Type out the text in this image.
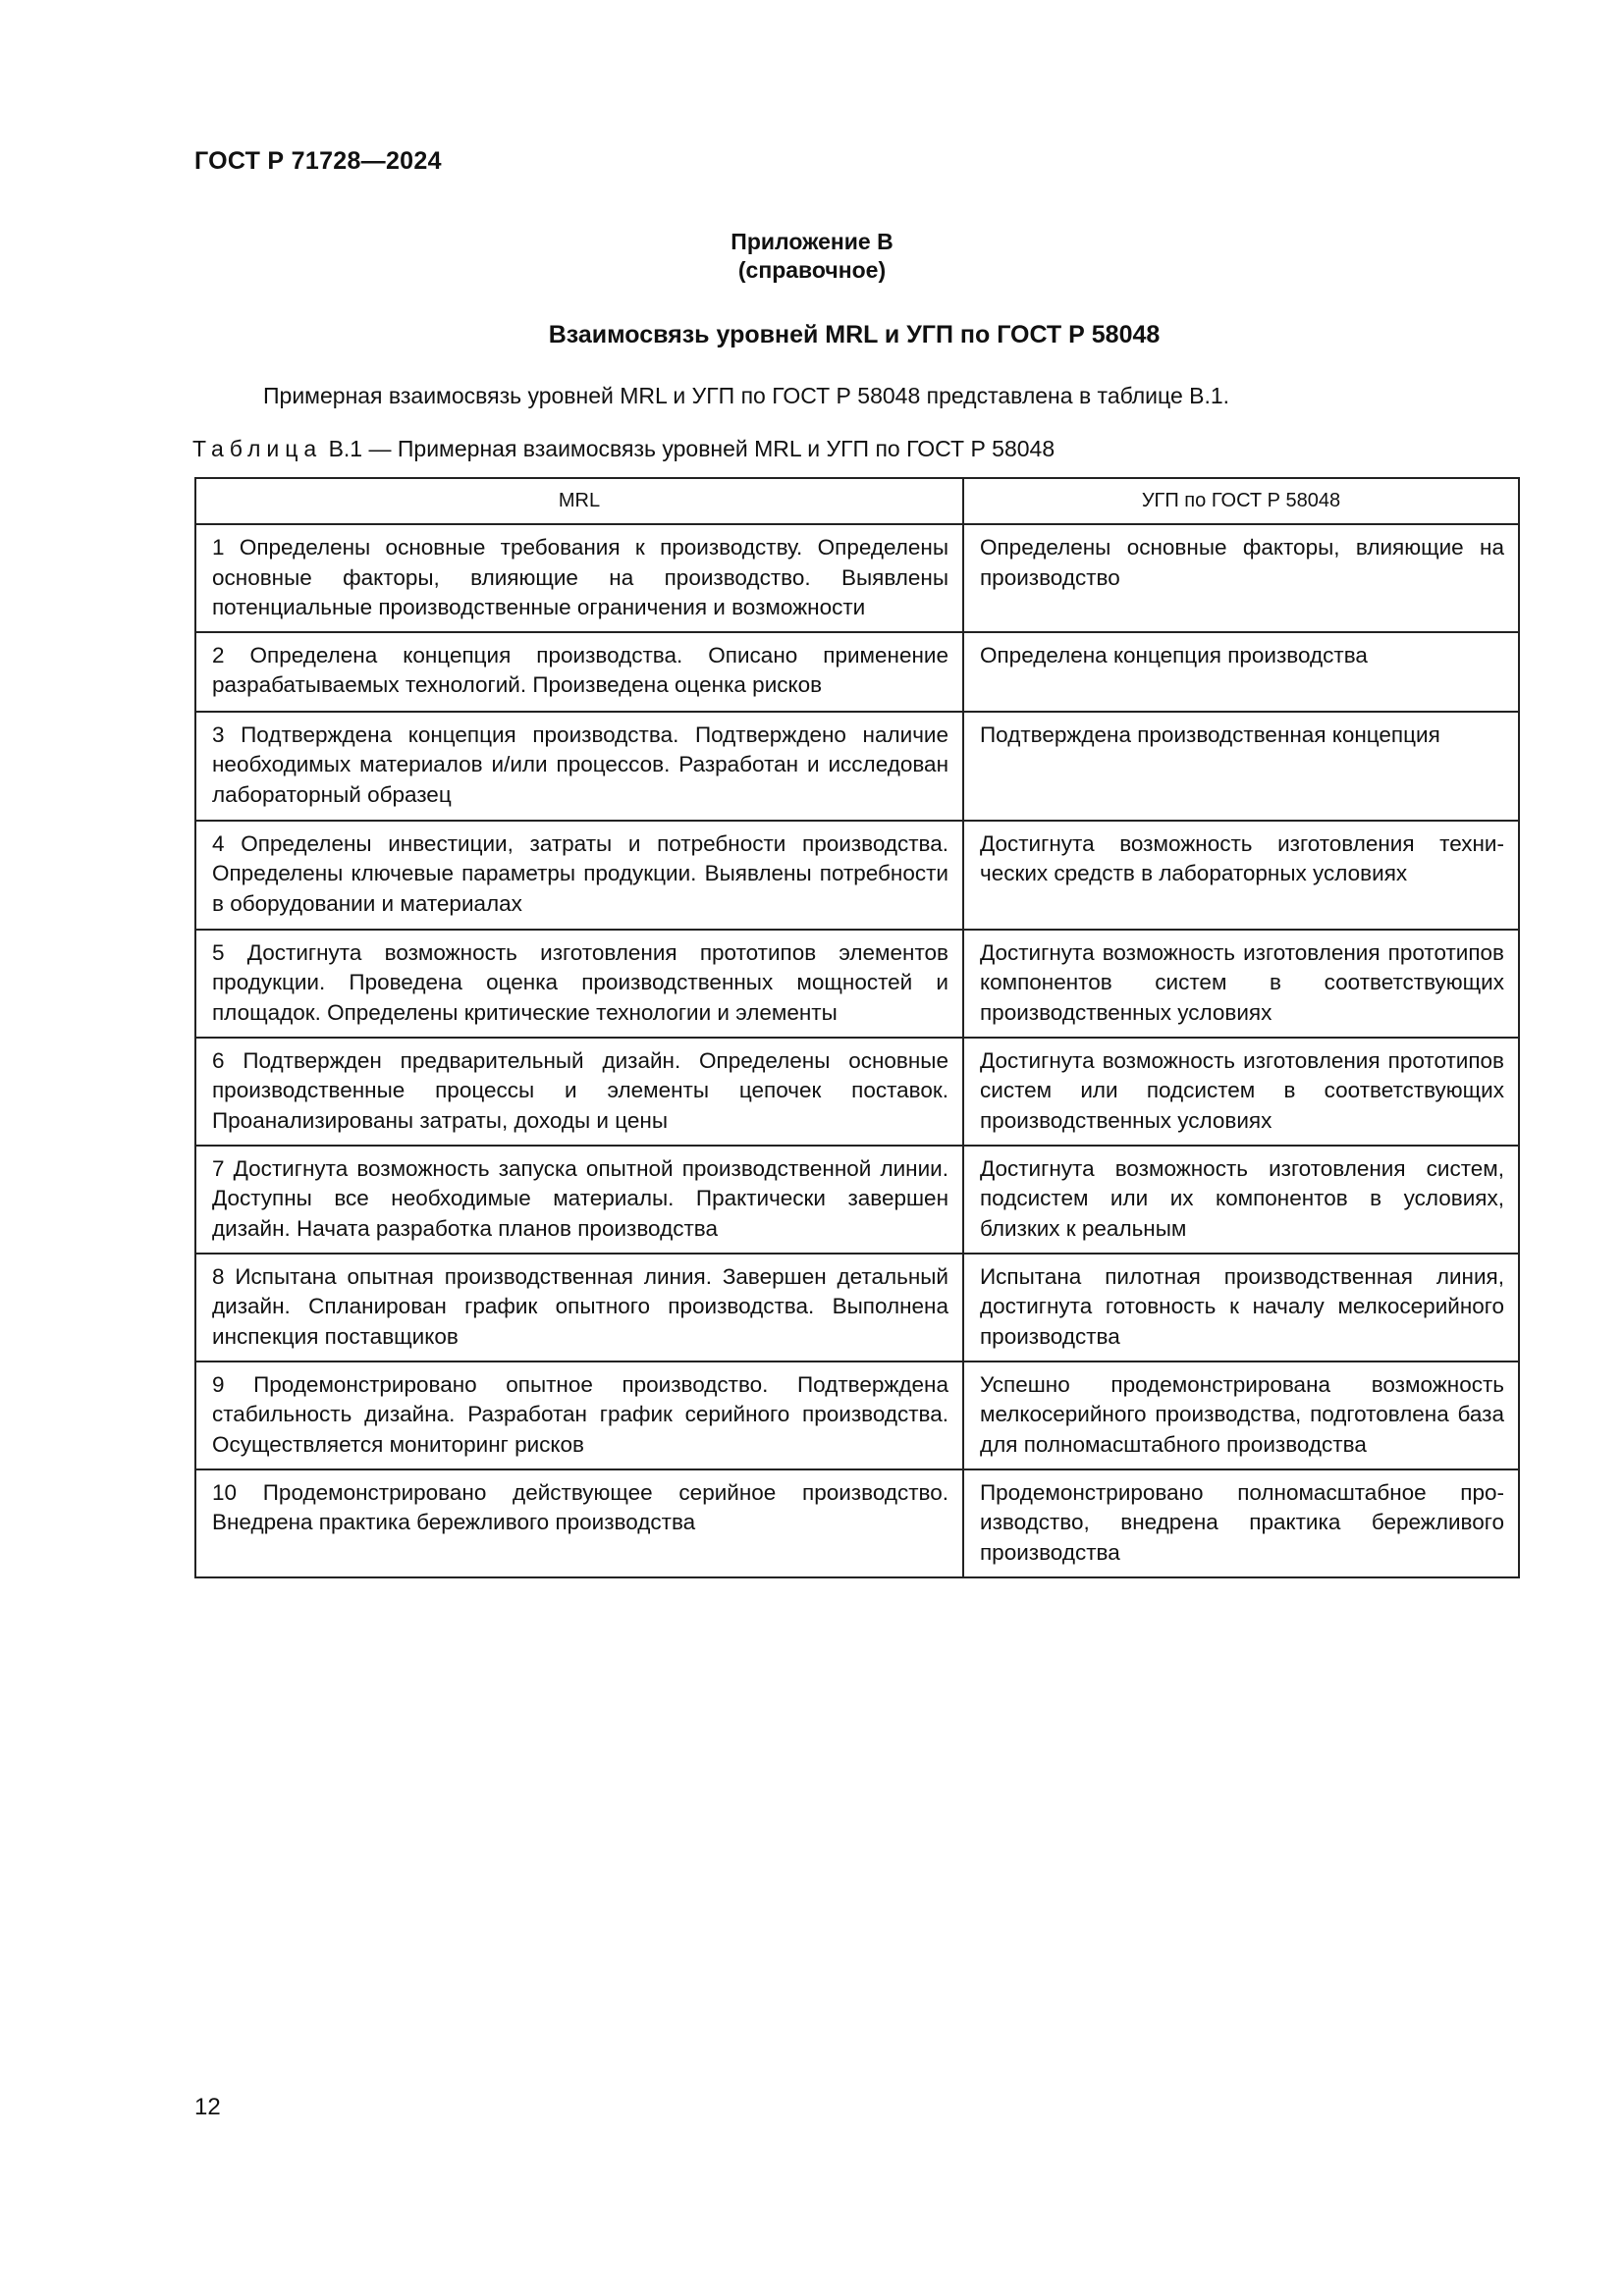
ГОСТ Р 71728—2024
Приложение В
(справочное)
Взаимосвязь уровней MRL и УГП по ГОСТ Р 58048
Примерная взаимосвязь уровней MRL и УГП по ГОСТ Р 58048 представлена в таблице В.1.
Таблица В.1 — Примерная взаимосвязь уровней MRL и УГП по ГОСТ Р 58048
MRL	УГП по ГОСТ Р 58048
1 Определены основные требования к производству. Определены основные факторы, влияющие на производство. Выявлены потенциальные производственные ограничения и возможности	Определены основные факторы, влияющие на производство
2 Определена концепция производства. Описано применение разрабатываемых технологий. Произведена оценка рисков	Определена концепция производства
3 Подтверждена концепция производства. Подтверждено наличие необходимых материалов и/или процессов. Разработан и исследован лабораторный образец	Подтверждена производственная концепция
4 Определены инвестиции, затраты и потребности производства. Определены ключевые параметры продукции. Выявлены потребности в оборудовании и материалах	Достигнута возможность изготовления технических средств в лабораторных условиях
5 Достигнута возможность изготовления прототипов элементов продукции. Проведена оценка производственных мощностей и площадок. Определены критические технологии и элементы	Достигнута возможность изготовления прототипов компонентов систем в соответствующих производственных условиях
6 Подтвержден предварительный дизайн. Определены основные производственные процессы и элементы цепочек поставок. Проанализированы затраты, доходы и цены	Достигнута возможность изготовления прототипов систем или подсистем в соответствующих производственных условиях
7 Достигнута возможность запуска опытной производственной линии. Доступны все необходимые материалы. Практически завершен дизайн. Начата разработка планов производства	Достигнута возможность изготовления систем, подсистем или их компонентов в условиях, близких к реальным
8 Испытана опытная производственная линия. Завершен детальный дизайн. Спланирован график опытного производства. Выполнена инспекция поставщиков	Испытана пилотная производственная линия, достигнута готовность к началу мелкосерийного производства
9 Продемонстрировано опытное производство. Подтверждена стабильность дизайна. Разработан график серийного производства. Осуществляется мониторинг рисков	Успешно продемонстрирована возможность мелкосерийного производства, подготовлена база для полномасштабного производства
10 Продемонстрировано действующее серийное производство. Внедрена практика бережливого производства	Продемонстрировано полномасштабное производство, внедрена практика бережливого производства
12
